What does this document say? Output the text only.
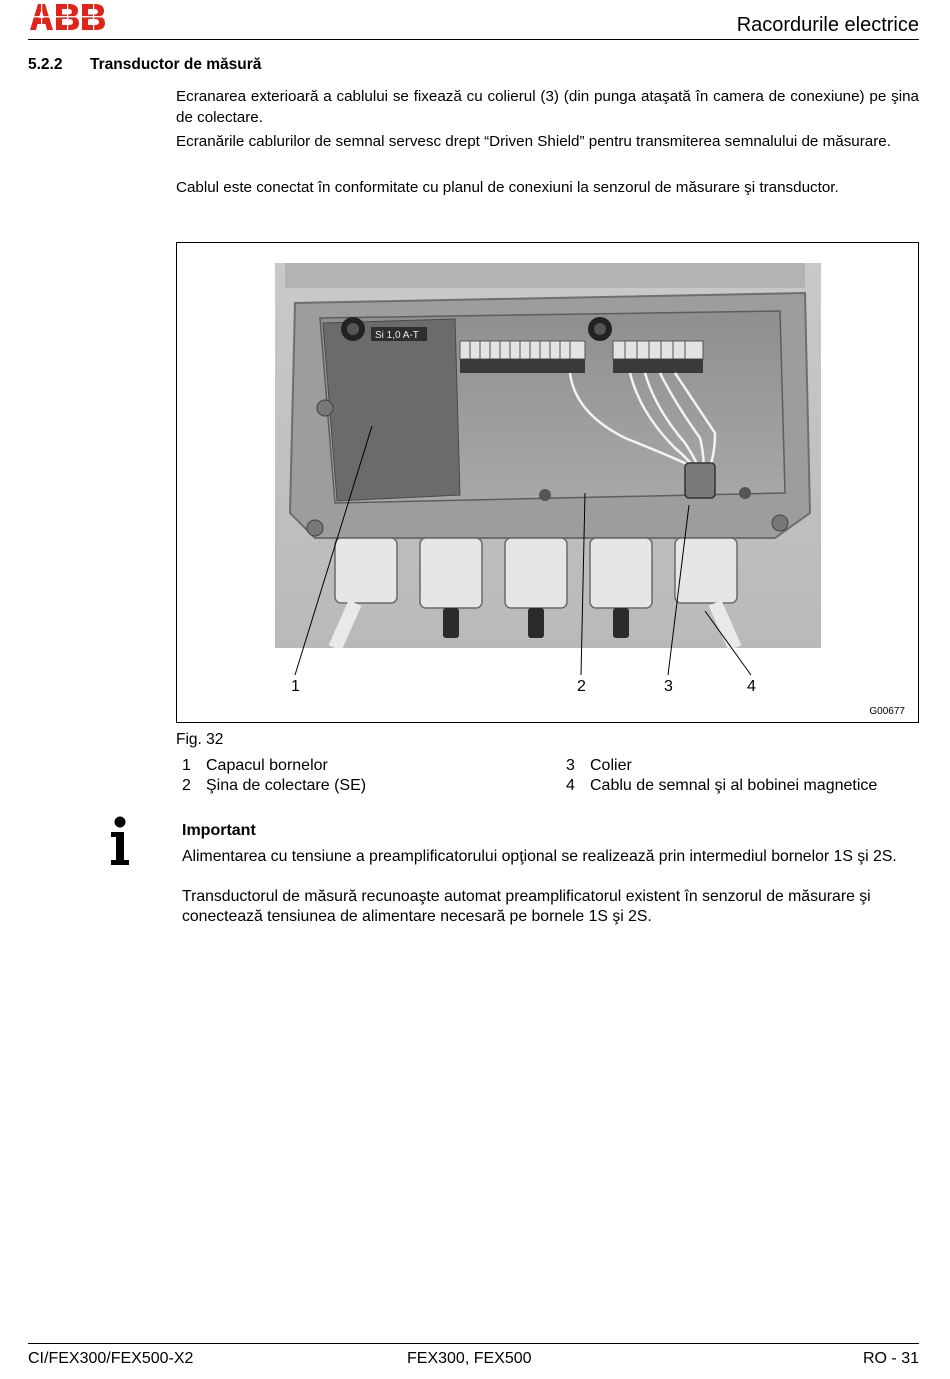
Racordurile electrice
5.2.2 Transductor de măsură

Ecranarea exterioară a cablului se fixează cu colierul (3) (din punga ataşată în camera de conexiune) pe şina de colectare.

Ecranările cablurilor de semnal servesc drept “Driven Shield” pentru transmiterea semnalului de măsurare.

Cablul este conectat în conformitate cu planul de conexiuni la senzorul de măsurare şi transductor.

Si 1,0 A-T
1	2	3	4
G00677
Fig. 32
1 Capacul bornelor
2 Şina de colectare (SE)
3 Colier
4 Cablu de semnal şi al bobinei magnetice
Important

Alimentarea cu tensiune a preamplificatorului opţional se realizează prin intermediul bornelor 1S şi 2S.

Transductorul de măsură recunoaşte automat preamplificatorul existent în senzorul de măsurare şi conectează tensiunea de alimentare necesară pe bornele 1S şi 2S.

CI/FEX300/FEX500-X2	FEX300, FEX500	RO - 31
